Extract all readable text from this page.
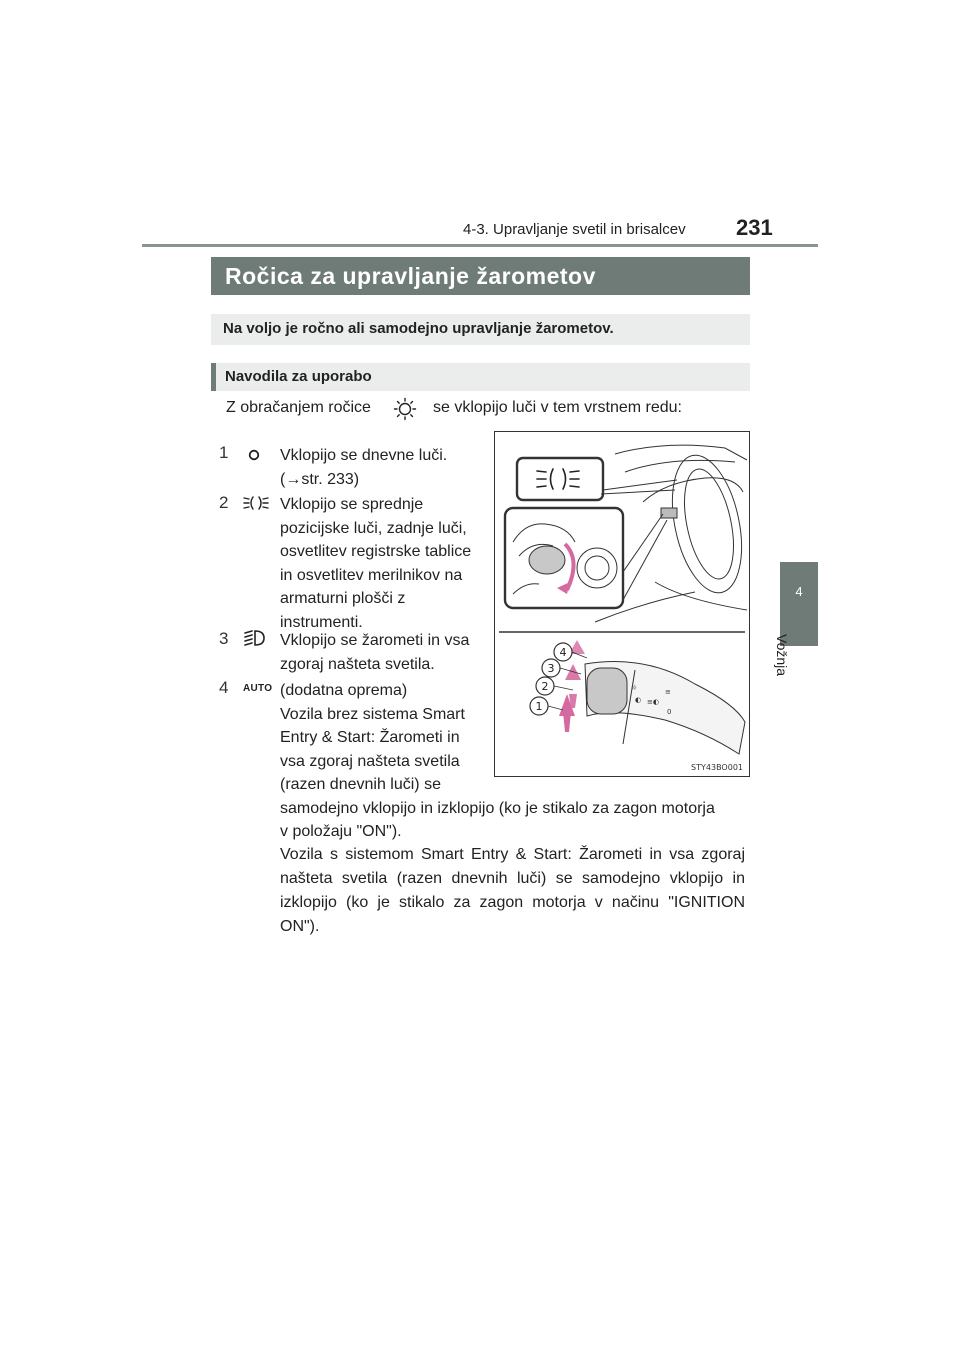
4-3. Upravljanje svetil in brisalcev 231
4
Vožnja
Ročica za upravljanje žarometov
Na voljo je ročno ali samodejno upravljanje žarometov.
Navodila za uporabo
Z obračanjem ročice	se vklopijo luči v tem vrstnem redu:
1	Vklopijo se dnevne luči.
(→str. 233)
2	Vklopijo se sprednje
pozicijske luči, zadnje luči,
osvetlitev registrske tablice
in osvetlitev merilnikov na
armaturni plošči z
instrumenti.
3	Vklopijo se žarometi in vsa
zgoraj našteta svetila.
4 AUTO (dodatna oprema)
Vozila brez sistema Smart
Entry & Start: Žarometi in
vsa zgoraj našteta svetila
(razen dnevnih luči) se
samodejno vklopijo in izklopijo (ko je stikalo za zagon motorja
v položaju "ON").
Vozila s sistemom Smart Entry & Start: Žarometi in vsa zgoraj našteta svetila (razen dnevnih luči) se samodejno vklopijo in izklopijo (ko je stikalo za zagon motorja v načinu "IGNITION ON").
☼
◐ ≡◐
≡
0
4
3
2
1
STY43BO001
